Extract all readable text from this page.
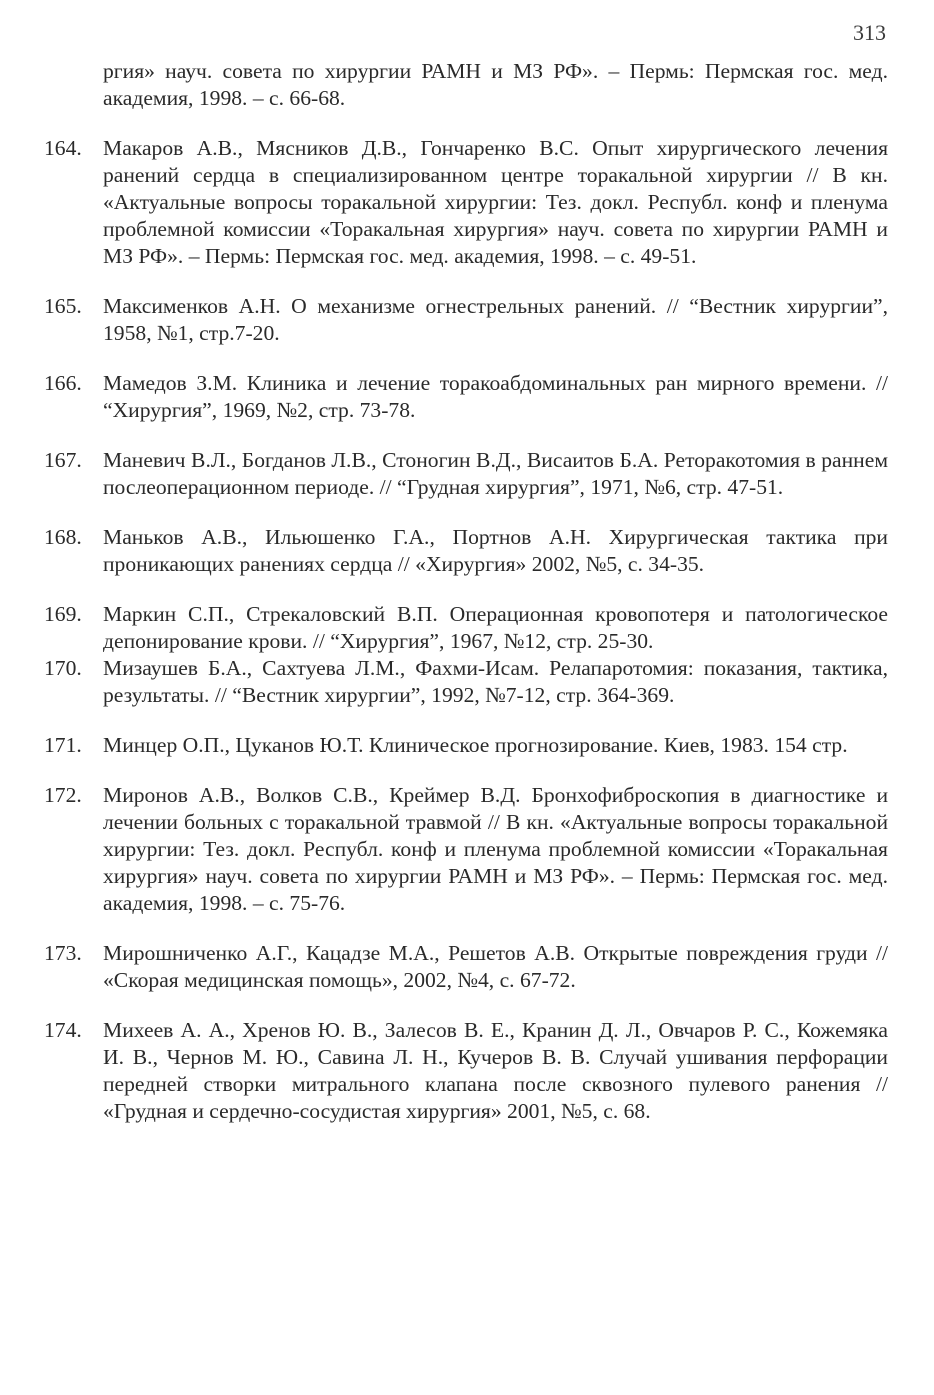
313
ргия» науч. совета по хирургии РАМН и МЗ РФ». – Пермь: Пермская гос. мед. академия, 1998. – с. 66-68.
164. Макаров А.В., Мясников Д.В., Гончаренко В.С. Опыт хирургического лечения ранений сердца в специализированном центре торакальной хирургии // В кн. «Актуальные вопросы торакальной хирургии: Тез. докл. Республ. конф и пленума проблемной комиссии «Торакальная хирургия» науч. совета по хирургии РАМН и МЗ РФ». – Пермь: Пермская гос. мед. академия, 1998. – с. 49-51.
165. Максименков А.Н. О механизме огнестрельных ранений. // “Вестник хирургии”, 1958, №1, стр.7-20.
166. Мамедов З.М. Клиника и лечение торакоабдоминальных ран мирного времени. // “Хирургия”, 1969, №2, стр. 73-78.
167. Маневич В.Л., Богданов Л.В., Стоногин В.Д., Висаитов Б.А. Реторакотомия в раннем послеоперационном периоде. // “Грудная хирургия”, 1971, №6, стр. 47-51.
168. Маньков А.В., Ильюшенко Г.А., Портнов А.Н. Хирургическая тактика при проникающих ранениях сердца // «Хирургия» 2002, №5, с. 34-35.
169. Маркин С.П., Стрекаловский В.П. Операционная кровопотеря и патологическое депонирование крови. // “Хирургия”, 1967, №12, стр. 25-30.
170. Мизаушев Б.А., Сахтуева Л.М., Фахми-Исам. Релапаротомия: показания, тактика, результаты. // “Вестник хирургии”, 1992, №7-12, стр. 364-369.
171. Минцер О.П., Цуканов Ю.Т. Клиническое прогнозирование. Киев, 1983. 154 стр.
172. Миронов А.В., Волков С.В., Креймер В.Д. Бронхофиброскопия в диагностике и лечении больных с торакальной травмой // В кн. «Актуальные вопросы торакальной хирургии: Тез. докл. Республ. конф и пленума проблемной комиссии «Торакальная хирургия» науч. совета по хирургии РАМН и МЗ РФ». – Пермь: Пермская гос. мед. академия, 1998. – с. 75-76.
173. Мирошниченко А.Г., Кацадзе М.А., Решетов А.В. Открытые повреждения груди // «Скорая медицинская помощь», 2002, №4, с. 67-72.
174. Михеев А. А., Хренов Ю. В., Залесов В. Е., Кранин Д. Л., Овчаров Р. С., Кожемяка И. В., Чернов М. Ю., Савина Л. Н., Кучеров В. В. Случай ушивания перфорации передней створки митрального клапана после сквозного пулевого ранения // «Грудная и сердечно-сосудистая хирургия» 2001, №5, с. 68.
